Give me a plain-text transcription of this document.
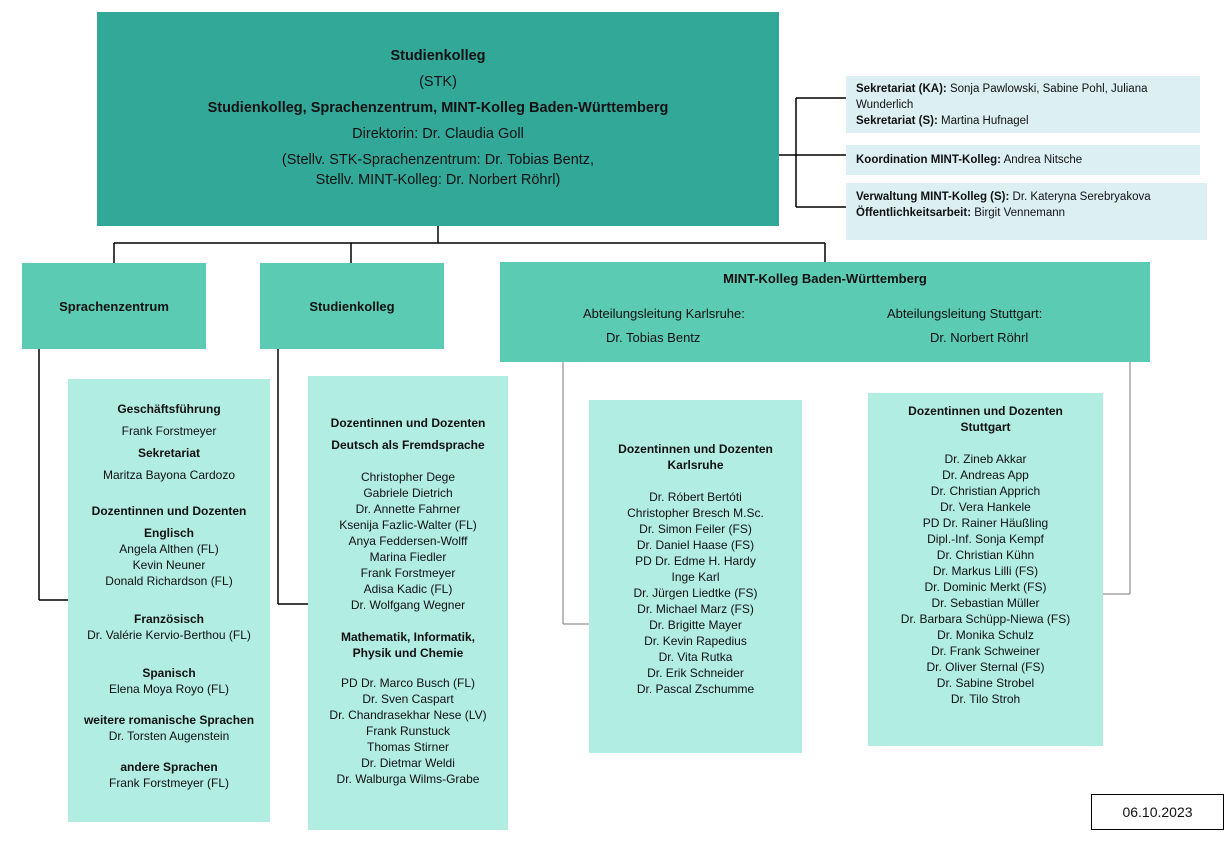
Studienkolleg
(STK)
Studienkolleg, Sprachenzentrum, MINT-Kolleg Baden-Württemberg
Direktorin: Dr. Claudia Goll
(Stellv. STK-Sprachenzentrum: Dr. Tobias Bentz,
Stellv. MINT-Kolleg: Dr. Norbert Röhrl)
Sekretariat (KA): Sonja Pawlowski, Sabine Pohl, Juliana Wunderlich
Sekretariat (S): Martina Hufnagel
Koordination MINT-Kolleg: Andrea Nitsche
Verwaltung MINT-Kolleg (S): Dr. Kateryna Serebryakova
Öffentlichkeitsarbeit: Birgit Vennemann
Sprachenzentrum	Studienkolleg
MINT-Kolleg Baden-Württemberg
Abteilungsleitung Karlsruhe:
Dr. Tobias Bentz
Abteilungsleitung Stuttgart:
Dr. Norbert Röhrl
Geschäftsführung
Frank Forstmeyer
Sekretariat
Maritza Bayona Cardozo
Dozentinnen und Dozenten
Englisch
Angela Althen (FL)
Kevin Neuner
Donald Richardson (FL)
Französisch
Dr. Valérie Kervio-Berthou (FL)
Spanisch
Elena Moya Royo (FL)
weitere romanische Sprachen
Dr. Torsten Augenstein
andere Sprachen
Frank Forstmeyer (FL)
Dozentinnen und Dozenten
Deutsch als Fremdsprache
Christopher Dege
Gabriele Dietrich
Dr. Annette Fahrner
Ksenija Fazlic-Walter (FL)
Anya Feddersen-Wolff
Marina Fiedler
Frank Forstmeyer
Adisa Kadic (FL)
Dr. Wolfgang Wegner
Mathematik, Informatik,
Physik und Chemie
PD Dr. Marco Busch (FL)
Dr. Sven Caspart
Dr. Chandrasekhar Nese (LV)
Frank Runstuck
Thomas Stirner
Dr. Dietmar Weldi
Dr. Walburga Wilms-Grabe
Dozentinnen und Dozenten
Karlsruhe
Dr. Róbert Bertóti
Christopher Bresch M.Sc.
Dr. Simon Feiler (FS)
Dr. Daniel Haase (FS)
PD Dr. Edme H. Hardy
Inge Karl
Dr. Jürgen Liedtke (FS)
Dr. Michael Marz (FS)
Dr. Brigitte Mayer
Dr. Kevin Rapedius
Dr. Vita Rutka
Dr. Erik Schneider
Dr. Pascal Zschumme
Dozentinnen und Dozenten
Stuttgart
Dr. Zineb Akkar
Dr. Andreas App
Dr. Christian Apprich
Dr. Vera Hankele
PD Dr. Rainer Häußling
Dipl.-Inf. Sonja Kempf
Dr. Christian Kühn
Dr. Markus Lilli (FS)
Dr. Dominic Merkt (FS)
Dr. Sebastian Müller
Dr. Barbara Schüpp-Niewa (FS)
Dr. Monika Schulz
Dr. Frank Schweiner
Dr. Oliver Sternal (FS)
Dr. Sabine Strobel
Dr. Tilo Stroh
06.10.2023
